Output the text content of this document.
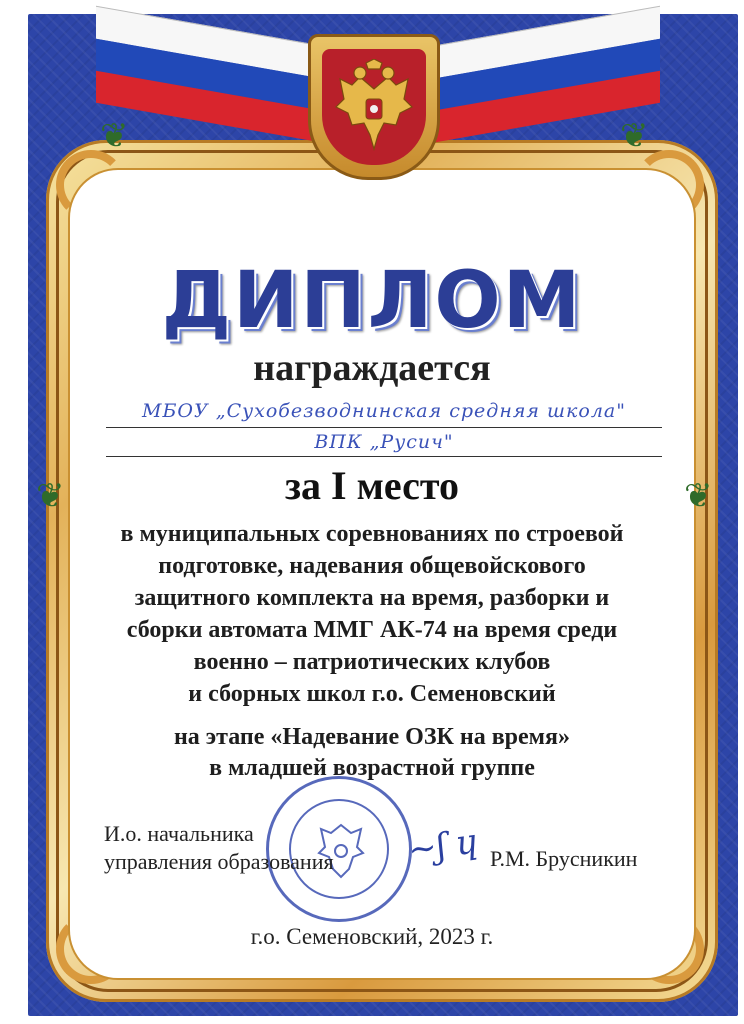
❦	❦
❦	❦
ДИПЛОМ
награждается
МБОУ „Сухобезводнинская средняя школа"
ВПК „Русич"
за I место
в муниципальных соревнованиях по строевой
подготовке, надевания общевойскового
защитного комплекта на время, разборки и
сборки автомата ММГ АК-74 на время среди
военно – патриотических клубов
и сборных школ г.о. Семеновский
на этапе «Надевание ОЗК на время»
в младшей возрастной группе
И.о. начальника
управления образования ~ʃ ɥ Р.М. Брусникин
г.о. Семеновский, 2023 г.
